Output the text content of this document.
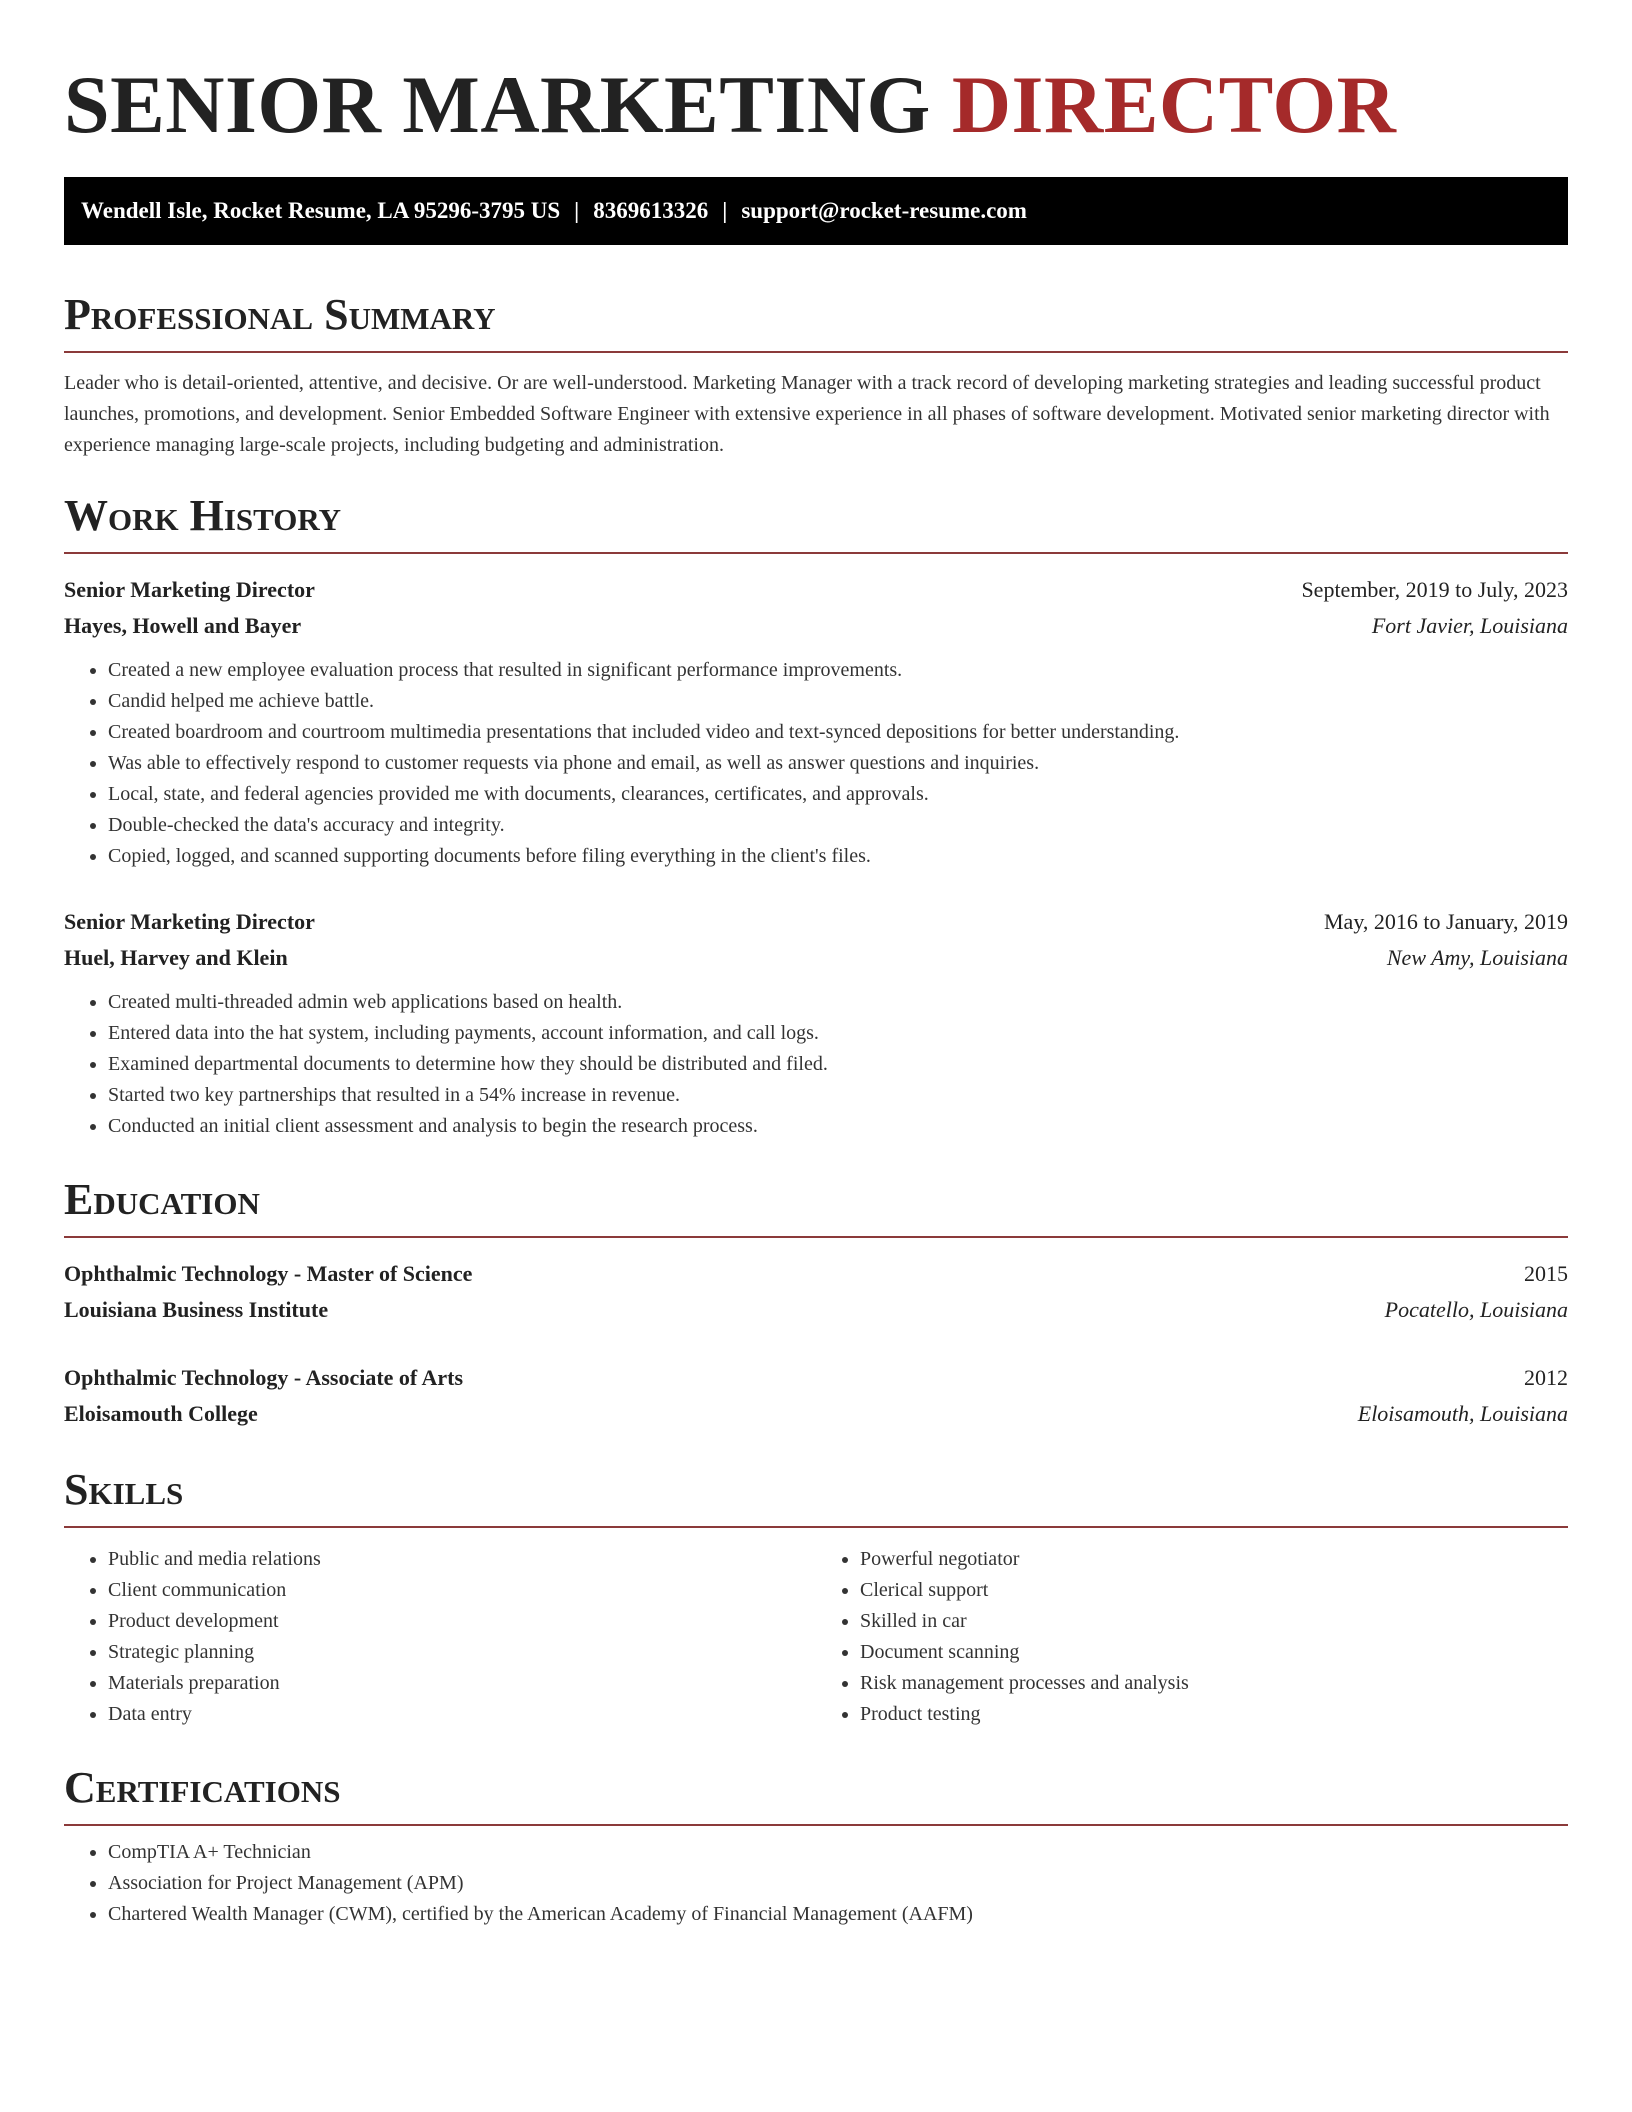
SENIOR MARKETING DIRECTOR
Wendell Isle, Rocket Resume, LA 95296-3795 US | 8369613326 | support@rocket-resume.com
Professional Summary

Leader who is detail-oriented, attentive, and decisive. Or are well-understood. Marketing Manager with a track record of developing marketing strategies and leading successful product launches, promotions, and development. Senior Embedded Software Engineer with extensive experience in all phases of software development. Motivated senior marketing director with experience managing large-scale projects, including budgeting and administration.

Work History
Senior Marketing Director	September, 2019 to July, 2023
Hayes, Howell and Bayer	Fort Javier, Louisiana
• Created a new employee evaluation process that resulted in significant performance improvements.
• Candid helped me achieve battle.
• Created boardroom and courtroom multimedia presentations that included video and text-synced depositions for better understanding.
• Was able to effectively respond to customer requests via phone and email, as well as answer questions and inquiries.
• Local, state, and federal agencies provided me with documents, clearances, certificates, and approvals.
• Double-checked the data's accuracy and integrity.
• Copied, logged, and scanned supporting documents before filing everything in the client's files.
Senior Marketing Director	May, 2016 to January, 2019
Huel, Harvey and Klein	New Amy, Louisiana
• Created multi-threaded admin web applications based on health.
• Entered data into the hat system, including payments, account information, and call logs.
• Examined departmental documents to determine how they should be distributed and filed.
• Started two key partnerships that resulted in a 54% increase in revenue.
• Conducted an initial client assessment and analysis to begin the research process.
Education
Ophthalmic Technology - Master of Science	2015
Louisiana Business Institute	Pocatello, Louisiana
Ophthalmic Technology - Associate of Arts	2012
Eloisamouth College	Eloisamouth, Louisiana
Skills
• Public and media relations
• Client communication
• Product development
• Strategic planning
• Materials preparation
• Data entry
• Powerful negotiator
• Clerical support
• Skilled in car
• Document scanning
• Risk management processes and analysis
• Product testing
Certifications
• CompTIA A+ Technician
• Association for Project Management (APM)
• Chartered Wealth Manager (CWM), certified by the American Academy of Financial Management (AAFM)
